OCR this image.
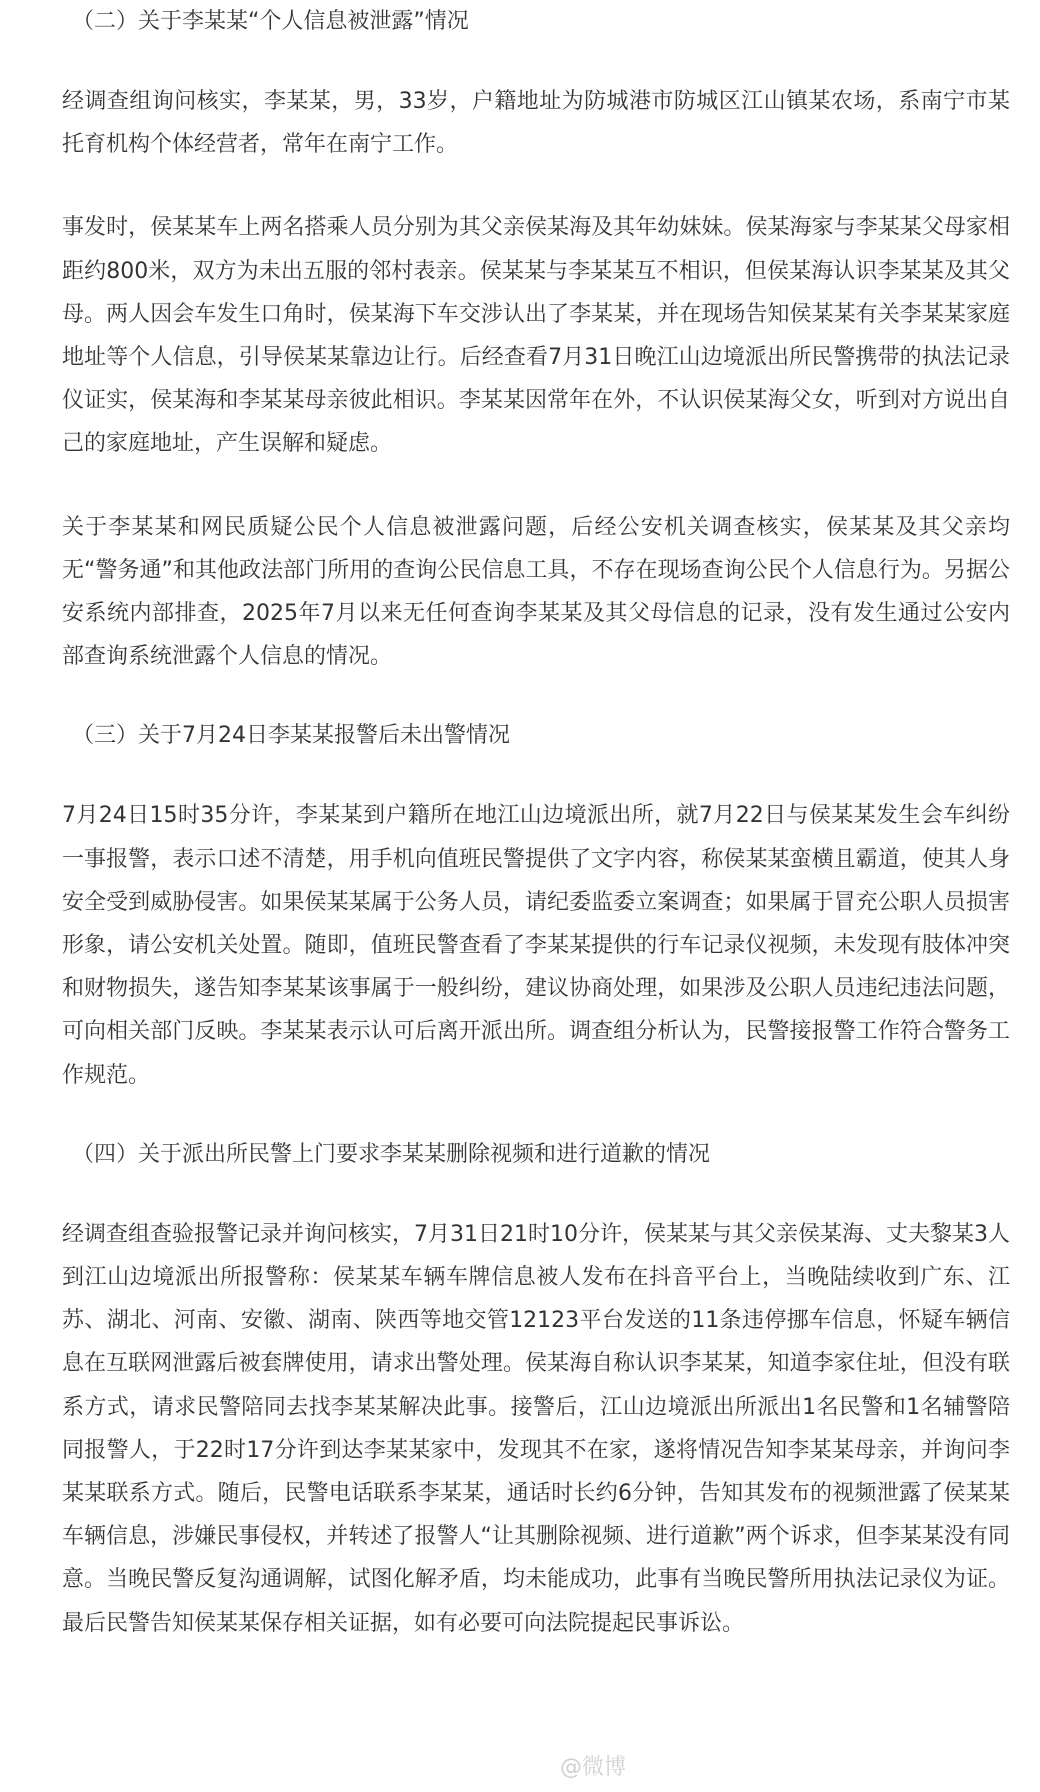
（二）关于李某某“个人信息被泄露”情况

经调查组询问核实，李某某，男，33岁，户籍地址为防城港市防城区江山镇某农场，系南宁市某托育机构个体经营者，常年在南宁工作。

事发时，侯某某车上两名搭乘人员分别为其父亲侯某海及其年幼妹妹。侯某海家与李某某父母家相距约800米，双方为未出五服的邻村表亲。侯某某与李某某互不相识，但侯某海认识李某某及其父母。两人因会车发生口角时，侯某海下车交涉认出了李某某，并在现场告知侯某某有关李某某家庭地址等个人信息，引导侯某某靠边让行。后经查看7月31日晚江山边境派出所民警携带的执法记录仪证实，侯某海和李某某母亲彼此相识。李某某因常年在外，不认识侯某海父女，听到对方说出自己的家庭地址，产生误解和疑虑。

关于李某某和网民质疑公民个人信息被泄露问题，后经公安机关调查核实，侯某某及其父亲均无“警务通”和其他政法部门所用的查询公民信息工具，不存在现场查询公民个人信息行为。另据公安系统内部排查，2025年7月以来无任何查询李某某及其父母信息的记录，没有发生通过公安内部查询系统泄露个人信息的情况。

（三）关于7月24日李某某报警后未出警情况

7月24日15时35分许，李某某到户籍所在地江山边境派出所，就7月22日与侯某某发生会车纠纷一事报警，表示口述不清楚，用手机向值班民警提供了文字内容，称侯某某蛮横且霸道，使其人身安全受到威胁侵害。如果侯某某属于公务人员，请纪委监委立案调查；如果属于冒充公职人员损害形象，请公安机关处置。随即，值班民警查看了李某某提供的行车记录仪视频，未发现有肢体冲突和财物损失，遂告知李某某该事属于一般纠纷，建议协商处理，如果涉及公职人员违纪违法问题，可向相关部门反映。李某某表示认可后离开派出所。调查组分析认为，民警接报警工作符合警务工作规范。

（四）关于派出所民警上门要求李某某删除视频和进行道歉的情况

经调查组查验报警记录并询问核实，7月31日21时10分许，侯某某与其父亲侯某海、丈夫黎某3人到江山边境派出所报警称：侯某某车辆车牌信息被人发布在抖音平台上，当晚陆续收到广东、江苏、湖北、河南、安徽、湖南、陕西等地交管12123平台发送的11条违停挪车信息，怀疑车辆信息在互联网泄露后被套牌使用，请求出警处理。侯某海自称认识李某某，知道李家住址，但没有联系方式，请求民警陪同去找李某某解决此事。接警后，江山边境派出所派出1名民警和1名辅警陪同报警人，于22时17分许到达李某某家中，发现其不在家，遂将情况告知李某某母亲，并询问李某某联系方式。随后，民警电话联系李某某，通话时长约6分钟，告知其发布的视频泄露了侯某某车辆信息，涉嫌民事侵权，并转述了报警人“让其删除视频、进行道歉”两个诉求，但李某某没有同意。当晚民警反复沟通调解，试图化解矛盾，均未能成功，此事有当晚民警所用执法记录仪为证。最后民警告知侯某某保存相关证据，如有必要可向法院提起民事诉讼。

@微博
